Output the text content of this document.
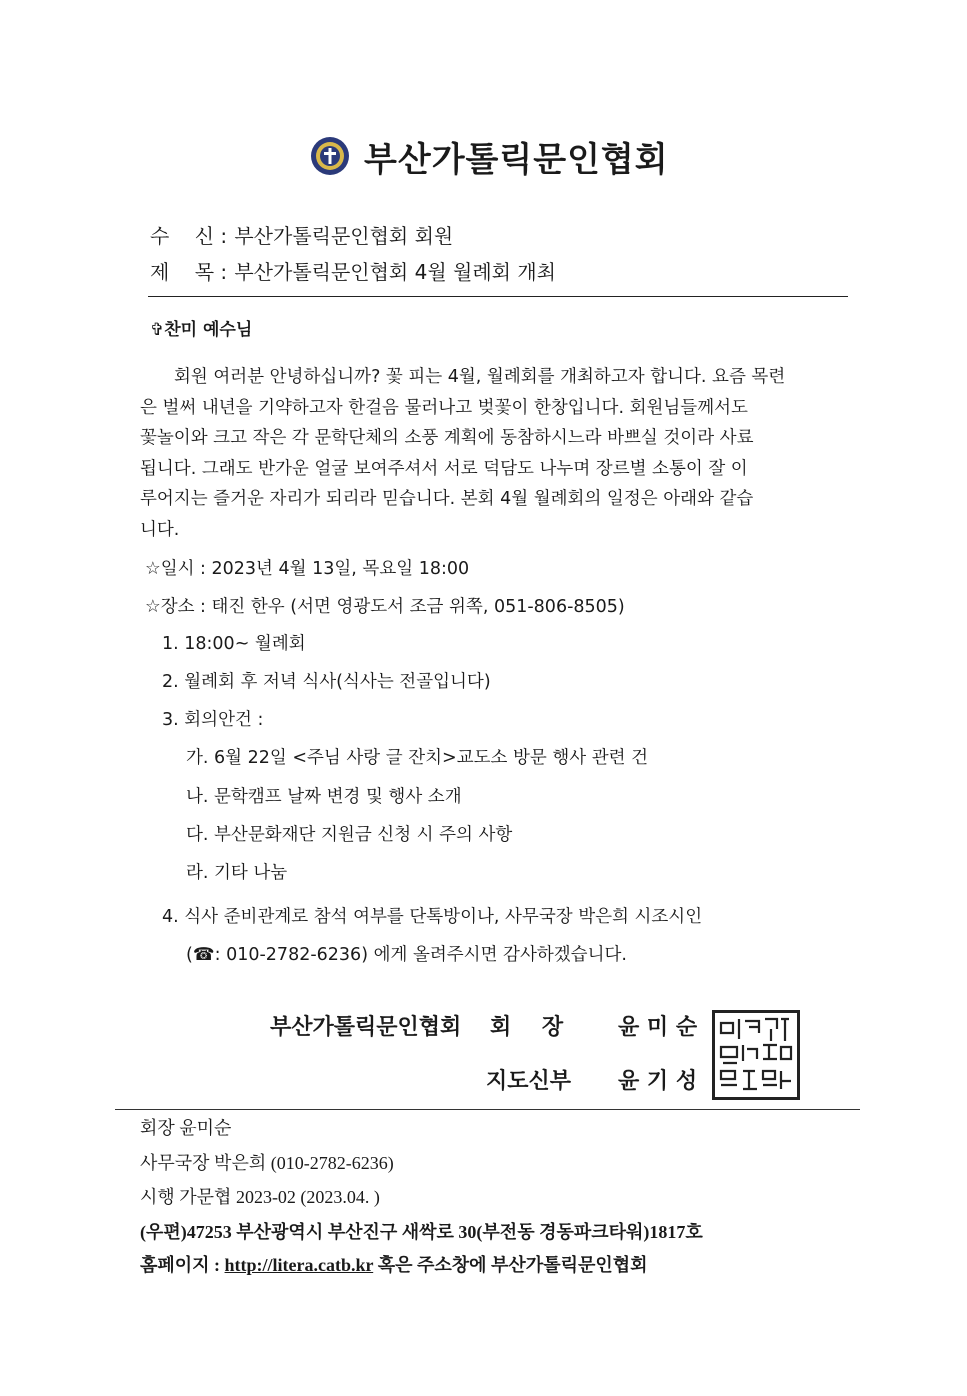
부산가톨릭문인협회
수    신 : 부산가톨릭문인협회 회원
제    목 : 부산가톨릭문인협회 4월 월례회 개최
✞찬미 예수님
회원 여러분 안녕하십니까? 꽃 피는 4월, 월례회를 개최하고자 합니다. 요즘 목련
은 벌써 내년을 기약하고자 한걸음 물러나고 벚꽃이 한창입니다. 회원님들께서도
꽃놀이와 크고 작은 각 문학단체의 소풍 계획에 동참하시느라 바쁘실 것이라 사료
됩니다. 그래도 반가운 얼굴 보여주셔서 서로 덕담도 나누며 장르별 소통이 잘 이
루어지는 즐거운 자리가 되리라 믿습니다. 본회 4월 월례회의 일정은 아래와 같습
니다.
☆일시 : 2023년 4월 13일, 목요일 18:00
☆장소 : 태진 한우 (서면 영광도서 조금 위쪽, 051-806-8505)
1. 18:00~ 월례회
2. 월례회 후 저녁 식사(식사는 전골입니다)
3. 회의안건 :
가. 6월 22일 <주님 사랑 글 잔치>교도소 방문 행사 관련 건
나. 문학캠프 날짜 변경 및 행사 소개
다. 부산문화재단 지원금 신청 시 주의 사항
라. 기타 나눔
4. 식사 준비관계로 참석 여부를 단톡방이나, 사무국장 박은희 시조시인
(☎: 010-2782-6236) 에게 올려주시면 감사하겠습니다.
부산가톨릭문인협회 회    장 윤 미 순
지도신부 윤 기 성
회장 윤미순
사무국장 박은희 (010-2782-6236)
시행 가문협 2023-02 (2023.04. )
(우편)47253 부산광역시 부산진구 새싹로 30(부전동 경동파크타워)1817호
홈페이지 : http://litera.catb.kr 혹은 주소창에 부산가톨릭문인협회
